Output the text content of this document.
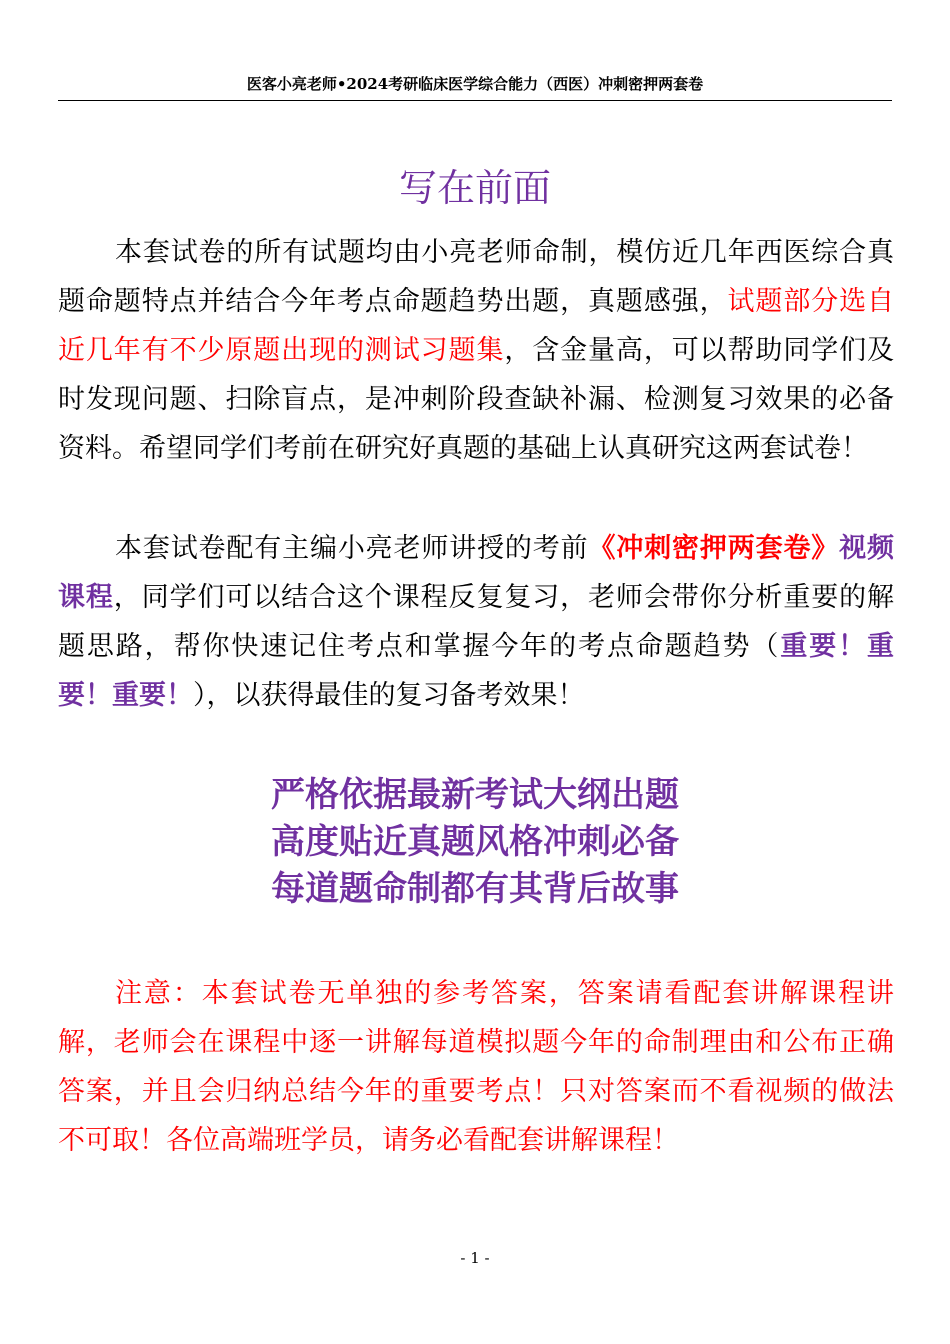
医客小亮老师•2024考研临床医学综合能力（西医）冲刺密押两套卷
写在前面

本套试卷的所有试题均由小亮老师命制，模仿近几年西医综合真题命题特点并结合今年考点命题趋势出题，真题感强，试题部分选自近几年有不少原题出现的测试习题集，含金量高，可以帮助同学们及时发现问题、扫除盲点，是冲刺阶段查缺补漏、检测复习效果的必备资料。希望同学们考前在研究好真题的基础上认真研究这两套试卷！

本套试卷配有主编小亮老师讲授的考前《冲刺密押两套卷》视频课程，同学们可以结合这个课程反复复习，老师会带你分析重要的解题思路，帮你快速记住考点和掌握今年的考点命题趋势（重要！重要！重要！），以获得最佳的复习备考效果！

严格依据最新考试大纲出题
高度贴近真题风格冲刺必备
每道题命制都有其背后故事

注意：本套试卷无单独的参考答案，答案请看配套讲解课程讲解，老师会在课程中逐一讲解每道模拟题今年的命制理由和公布正确答案，并且会归纳总结今年的重要考点！只对答案而不看视频的做法不可取！各位高端班学员，请务必看配套讲解课程！

- 1 -
